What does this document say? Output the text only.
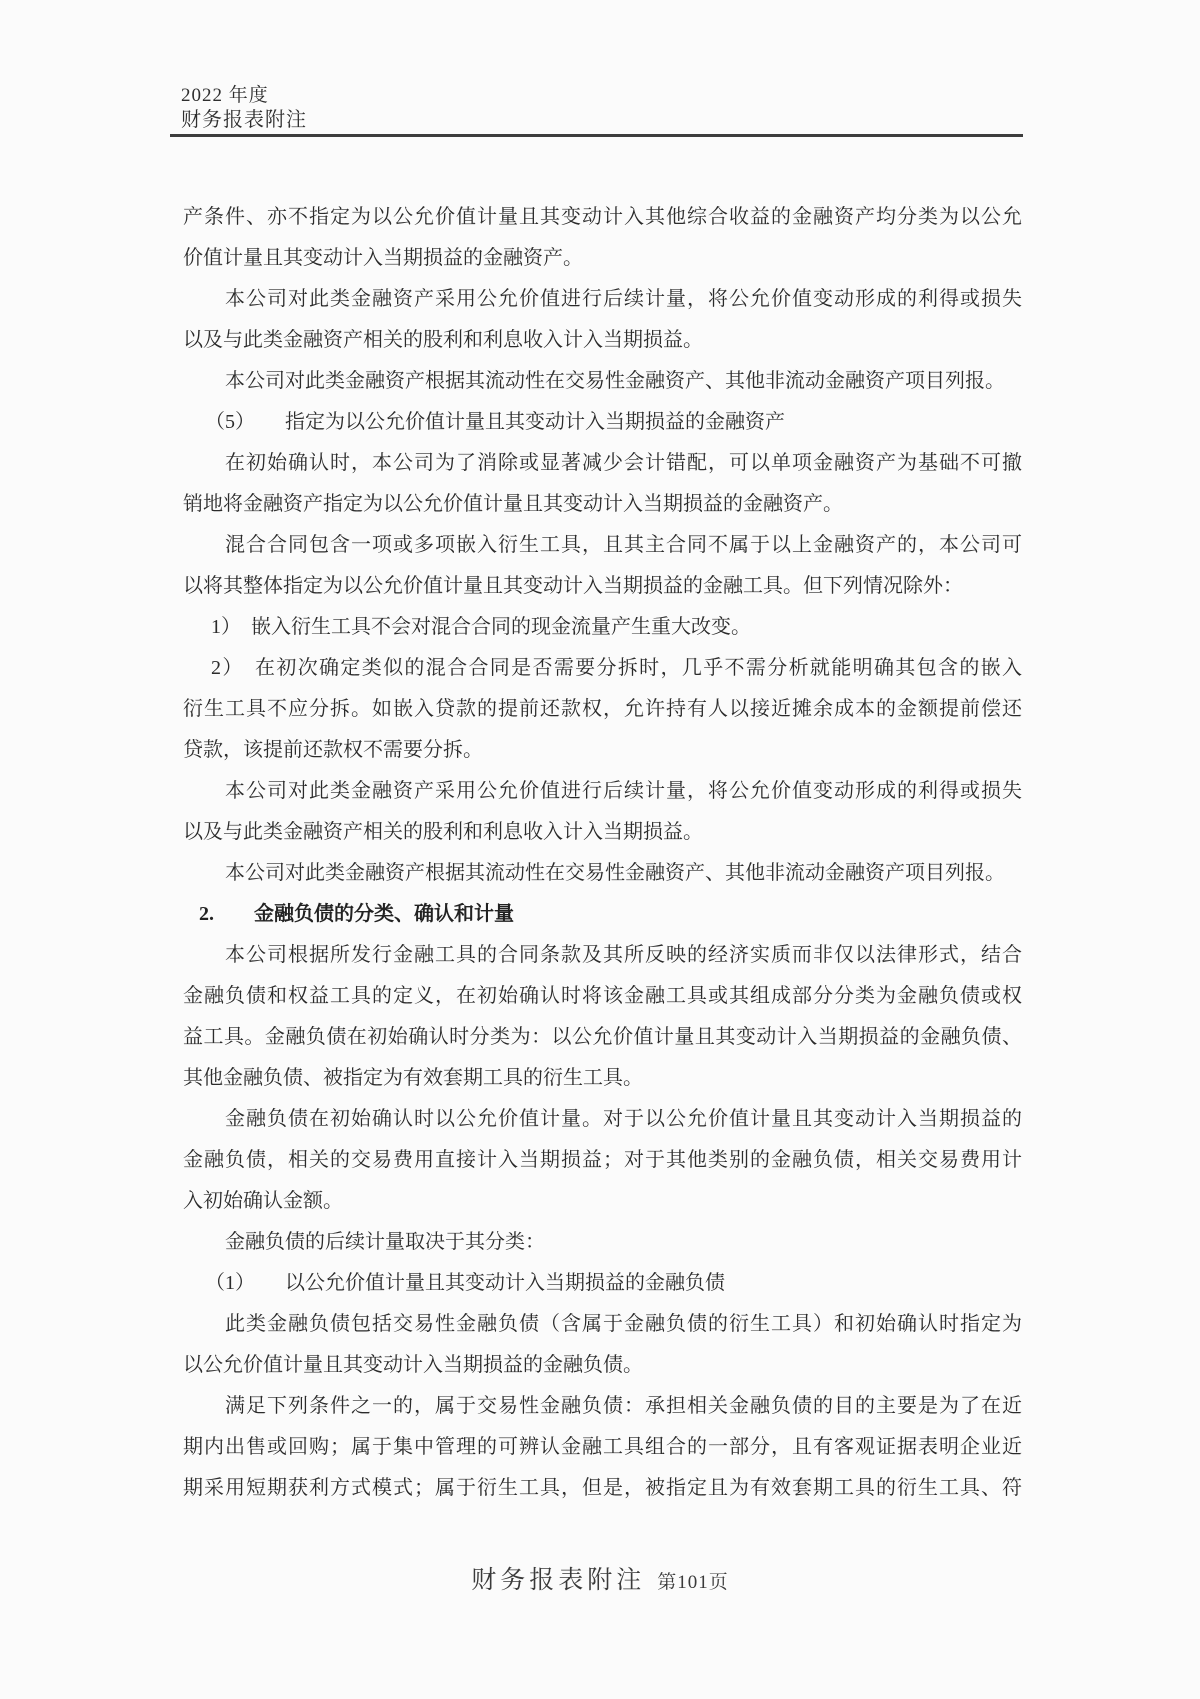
2022 年度
财务报表附注
产条件、亦不指定为以公允价值计量且其变动计入其他综合收益的金融资产均分类为以公允
价值计量且其变动计入当期损益的金融资产。
本公司对此类金融资产采用公允价值进行后续计量，将公允价值变动形成的利得或损失
以及与此类金融资产相关的股利和利息收入计入当期损益。
本公司对此类金融资产根据其流动性在交易性金融资产、其他非流动金融资产项目列报。
（5）　　指定为以公允价值计量且其变动计入当期损益的金融资产
在初始确认时，本公司为了消除或显著减少会计错配，可以单项金融资产为基础不可撤
销地将金融资产指定为以公允价值计量且其变动计入当期损益的金融资产。
混合合同包含一项或多项嵌入衍生工具，且其主合同不属于以上金融资产的，本公司可
以将其整体指定为以公允价值计量且其变动计入当期损益的金融工具。但下列情况除外：
1）　嵌入衍生工具不会对混合合同的现金流量产生重大改变。
2）　在初次确定类似的混合合同是否需要分拆时，几乎不需分析就能明确其包含的嵌入
衍生工具不应分拆。如嵌入贷款的提前还款权，允许持有人以接近摊余成本的金额提前偿还
贷款，该提前还款权不需要分拆。
本公司对此类金融资产采用公允价值进行后续计量，将公允价值变动形成的利得或损失
以及与此类金融资产相关的股利和利息收入计入当期损益。
本公司对此类金融资产根据其流动性在交易性金融资产、其他非流动金融资产项目列报。
2.　　金融负债的分类、确认和计量
本公司根据所发行金融工具的合同条款及其所反映的经济实质而非仅以法律形式，结合
金融负债和权益工具的定义，在初始确认时将该金融工具或其组成部分分类为金融负债或权
益工具。金融负债在初始确认时分类为：以公允价值计量且其变动计入当期损益的金融负债、
其他金融负债、被指定为有效套期工具的衍生工具。
金融负债在初始确认时以公允价值计量。对于以公允价值计量且其变动计入当期损益的
金融负债，相关的交易费用直接计入当期损益；对于其他类别的金融负债，相关交易费用计
入初始确认金额。
金融负债的后续计量取决于其分类：
（1）　　以公允价值计量且其变动计入当期损益的金融负债
此类金融负债包括交易性金融负债（含属于金融负债的衍生工具）和初始确认时指定为
以公允价值计量且其变动计入当期损益的金融负债。
满足下列条件之一的，属于交易性金融负债：承担相关金融负债的目的主要是为了在近
期内出售或回购；属于集中管理的可辨认金融工具组合的一部分，且有客观证据表明企业近
期采用短期获利方式模式；属于衍生工具，但是，被指定且为有效套期工具的衍生工具、符
财务报表附注 第101页
